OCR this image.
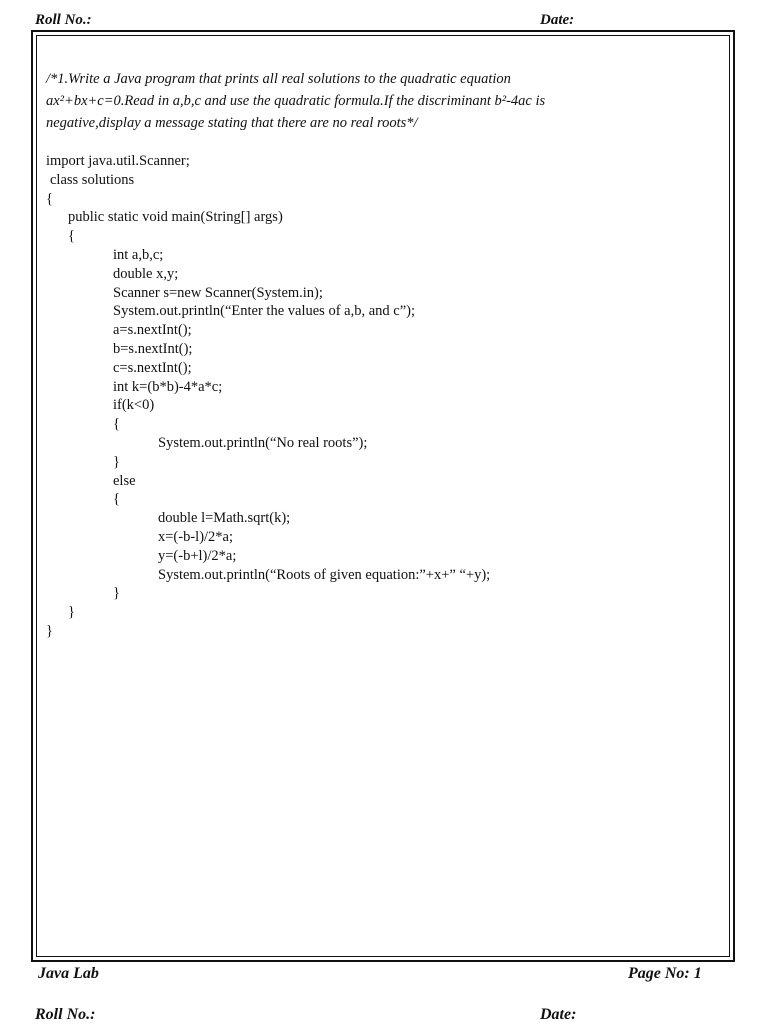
Roll No.:	Date:
/*1.Write a Java program that prints all real solutions to the quadratic equation
ax²+bx+c=0.Read in a,b,c and use the quadratic formula.If the discriminant b²-4ac is
negative,display a message stating that there are no real roots*/
import java.util.Scanner;
class solutions
{
public static void main(String[] args)
{
int a,b,c;
double x,y;
Scanner s=new Scanner(System.in);
System.out.println(“Enter the values of a,b, and c”);
a=s.nextInt();
b=s.nextInt();
c=s.nextInt();
int k=(b*b)-4*a*c;
if(k<0)
{
System.out.println(“No real roots”);
}
else
{
double l=Math.sqrt(k);
x=(-b-l)/2*a;
y=(-b+l)/2*a;
System.out.println(“Roots of given equation:”+x+” “+y);
}
}
}
Java Lab	Page No: 1
Roll No.:	Date:
